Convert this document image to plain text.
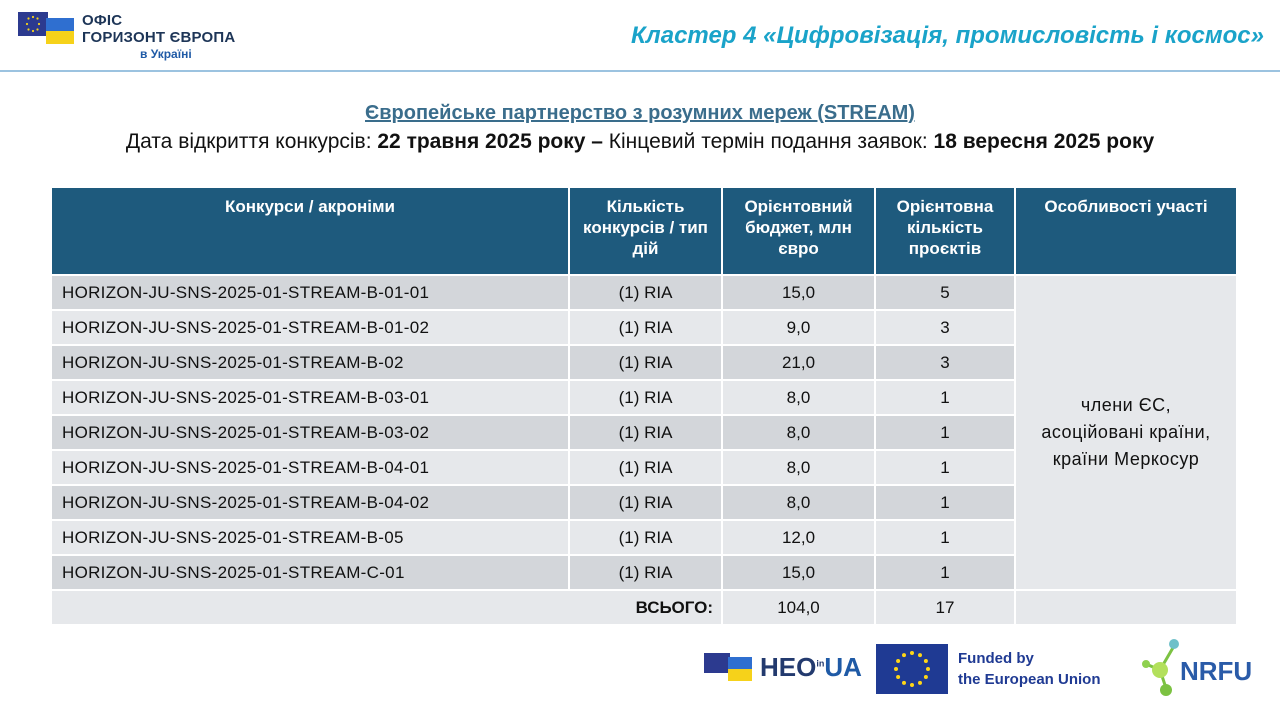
ОФІС
ГОРИЗОНТ ЄВРОПА
в Україні
Кластер 4 «Цифровізація, промисловість і космос»
Європейське партнерство з розумних мереж (STREAM)
Дата відкриття конкурсів: 22 травня 2025 року – Кінцевий термін подання заявок: 18 вересня 2025 року
Конкурси / акроніми	Кількість конкурсів / тип дій	Орієнтовний бюджет, млн євро	Орієнтовна кількість проєктів	Особливості участі
HORIZON-JU-SNS-2025-01-STREAM-B-01-01	(1) RIA	15,0	5	члени ЄС,
асоційовані країни,
країни Меркосур

HORIZON-JU-SNS-2025-01-STREAM-B-01-02	(1) RIA	9,0	3	
HORIZON-JU-SNS-2025-01-STREAM-B-02	(1) RIA	21,0	3	
HORIZON-JU-SNS-2025-01-STREAM-B-03-01	(1) RIA	8,0	1	
HORIZON-JU-SNS-2025-01-STREAM-B-03-02	(1) RIA	8,0	1	
HORIZON-JU-SNS-2025-01-STREAM-B-04-01	(1) RIA	8,0	1	
HORIZON-JU-SNS-2025-01-STREAM-B-04-02	(1) RIA	8,0	1	
HORIZON-JU-SNS-2025-01-STREAM-B-05	(1) RIA	12,0	1	
HORIZON-JU-SNS-2025-01-STREAM-C-01	(1) RIA	15,0	1	
ВСЬОГО:		104,0	17	
$HEO^{in}UA$	Funded by
the European Union	NRFU
